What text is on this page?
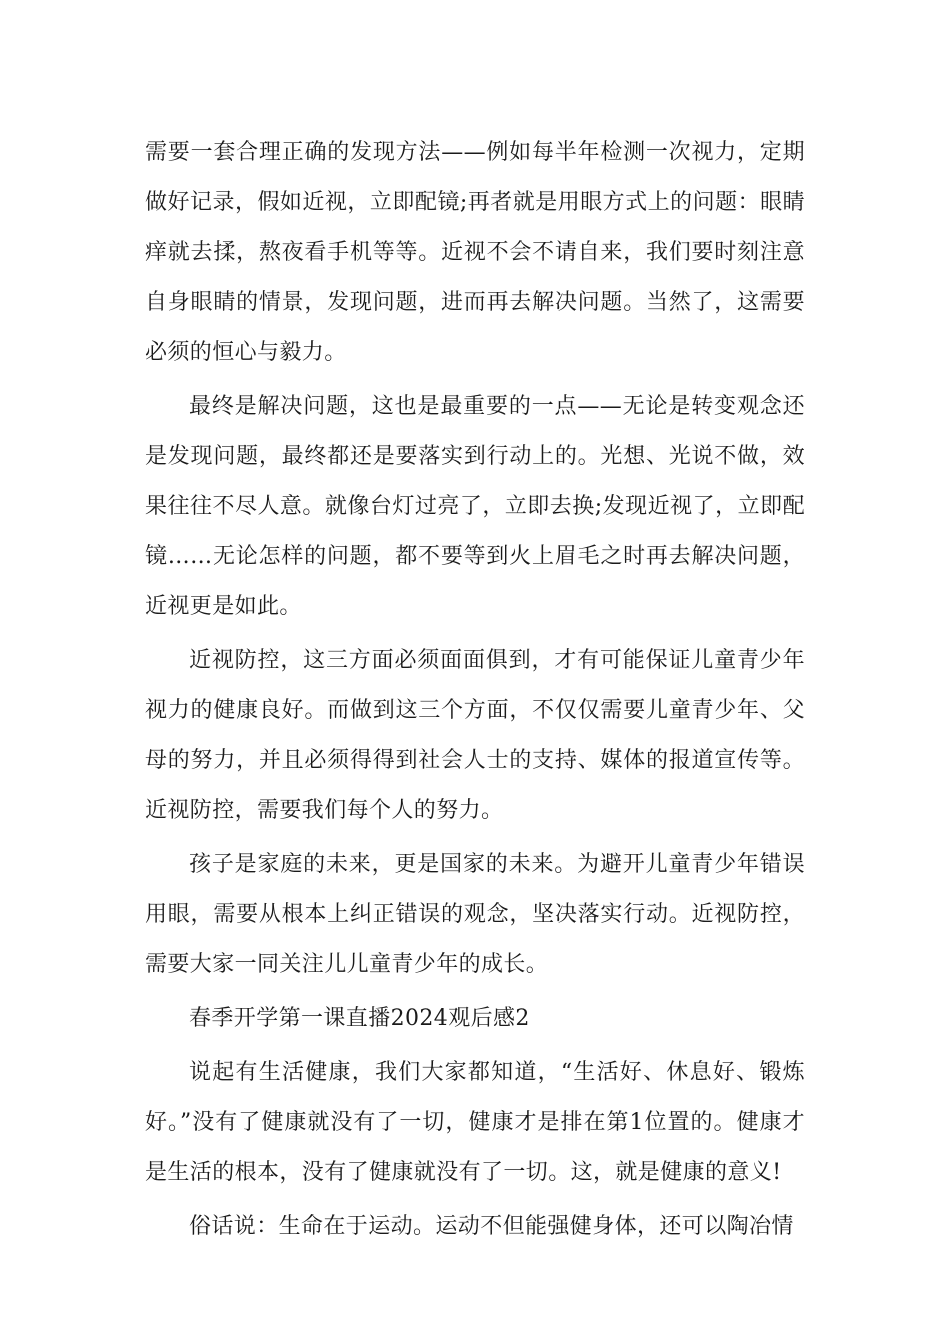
需要一套合理正确的发现方法——例如每半年检测一次视力，定期做好记录，假如近视，立即配镜;再者就是用眼方式上的问题：眼睛痒就去揉，熬夜看手机等等。近视不会不请自来，我们要时刻注意自身眼睛的情景，发现问题，进而再去解决问题。当然了，这需要必须的恒心与毅力。

最终是解决问题，这也是最重要的一点——无论是转变观念还是发现问题，最终都还是要落实到行动上的。光想、光说不做，效果往往不尽人意。就像台灯过亮了，立即去换;发现近视了，立即配镜……无论怎样的问题，都不要等到火上眉毛之时再去解决问题，近视更是如此。

近视防控，这三方面必须面面俱到，才有可能保证儿童青少年视力的健康良好。而做到这三个方面，不仅仅需要儿童青少年、父母的努力，并且必须得得到社会人士的支持、媒体的报道宣传等。近视防控，需要我们每个人的努力。

孩子是家庭的未来，更是国家的未来。为避开儿童青少年错误用眼，需要从根本上纠正错误的观念，坚决落实行动。近视防控，需要大家一同关注儿儿童青少年的成长。

春季开学第一课直播2024观后感2

说起有生活健康，我们大家都知道，“生活好、休息好、锻炼好。”没有了健康就没有了一切，健康才是排在第1位置的。健康才是生活的根本，没有了健康就没有了一切。这，就是健康的意义!

俗话说：生命在于运动。运动不但能强健身体，还可以陶冶情
